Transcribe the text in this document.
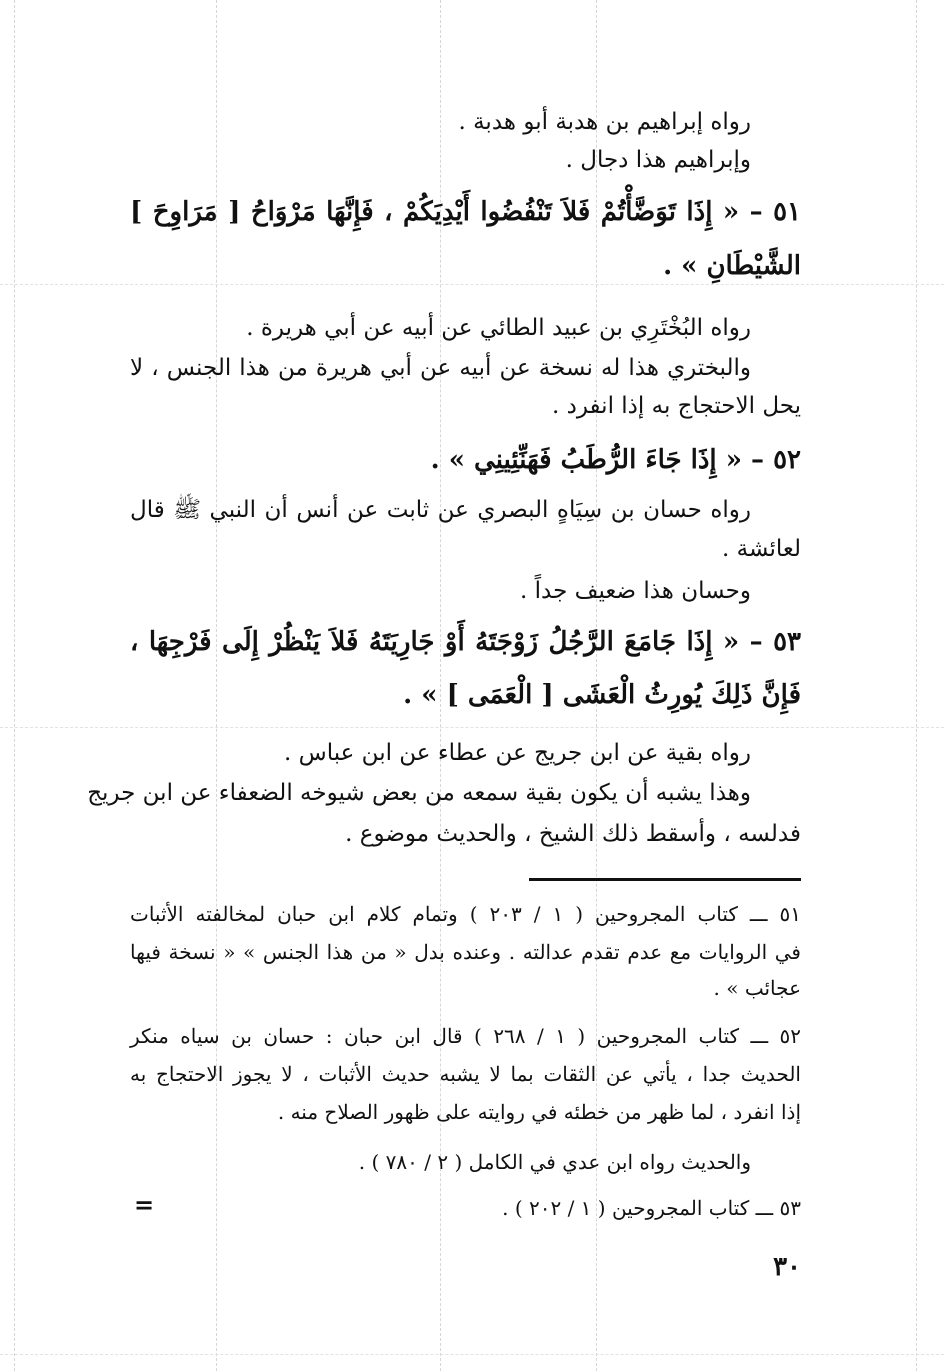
رواه إبراهيم بن هدبة أبو هدبة .
وإبراهيم هذا دجال .
٥١ – « إِذَا تَوَضَّأْتُمْ فَلاَ تَنْفُضُوا أَيْدِيَكُمْ ، فَإِنَّهَا مَرْوَاحُ [ مَرَاوِحَ ]
الشَّيْطَانِ » .
رواه البُخْتَرِي بن عبيد الطائي عن أبيه عن أبي هريرة .
والبختري هذا له نسخة عن أبيه عن أبي هريرة من هذا الجنس ، لا
يحل الاحتجاج به إذا انفرد .
٥٢ – « إِذَا جَاءَ الرُّطَبُ فَهَنِّئِينِي » .
رواه حسان بن سِيَاهٍ البصري عن ثابت عن أنس أن النبي ﷺ قال
لعائشة .
وحسان هذا ضعيف جداً .
٥٣ – « إِذَا جَامَعَ الرَّجُلُ زَوْجَتَهُ أَوْ جَارِيَتَهُ فَلاَ يَنْظُرْ إِلَى فَرْجِهَا ،
فَإِنَّ ذَلِكَ يُورِثُ الْعَشَى [ الْعَمَى ] » .
رواه بقية عن ابن جريج عن عطاء عن ابن عباس .
وهذا يشبه أن يكون بقية سمعه من بعض شيوخه الضعفاء عن ابن جريج
فدلسه ، وأسقط ذلك الشيخ ، والحديث موضوع .
٥١ ـــ كتاب المجروحين ( ١ / ٢٠٣ ) وتمام كلام ابن حبان لمخالفته الأثبات
في الروايات مع عدم تقدم عدالته . وعنده بدل « من هذا الجنس » « نسخة فيها
عجائب » .
٥٢ ـــ كتاب المجروحين ( ١ / ٢٦٨ ) قال ابن حبان : حسان بن سياه منكر
الحديث جدا ، يأتي عن الثقات بما لا يشبه حديث الأثبات ، لا يجوز الاحتجاج به
إذا انفرد ، لما ظهر من خطئه في روايته على ظهور الصلاح منه .
والحديث رواه ابن عدي في الكامل ( ٢ / ٧٨٠ ) .
٥٣ ـــ كتاب المجروحين ( ١ / ٢٠٢ ) .
=
٣٠
